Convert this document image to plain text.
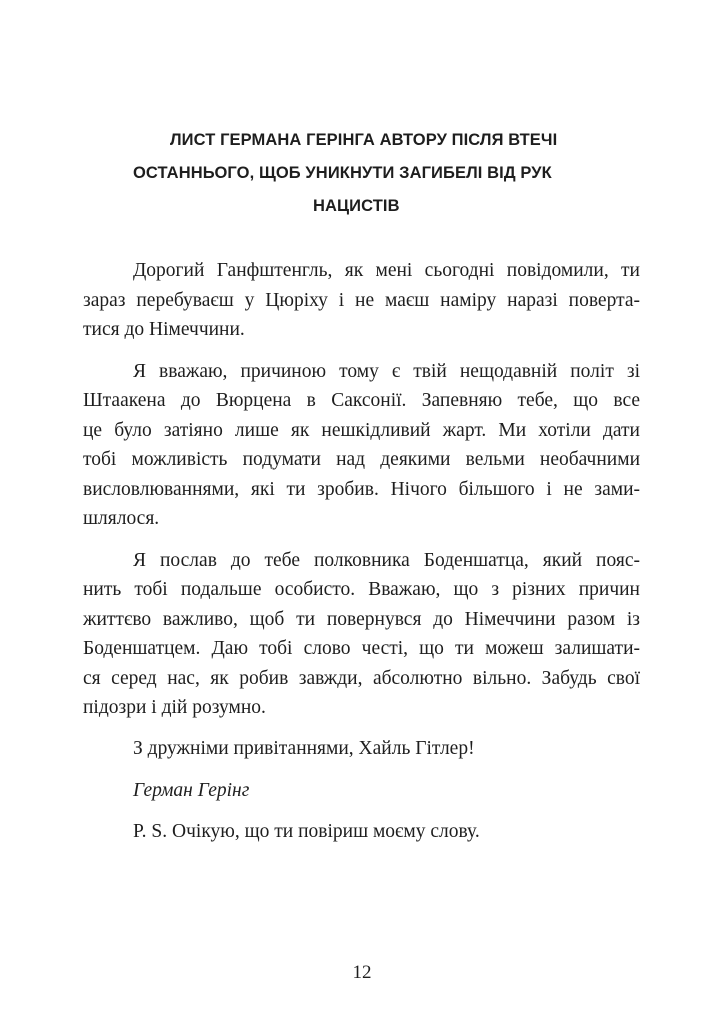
ЛИСТ ГЕРМАНА ГЕРІНГА АВТОРУ ПІСЛЯ ВТЕЧІ
ОСТАННЬОГО, ЩОБ УНИКНУТИ ЗАГИБЕЛІ ВІД РУК
НАЦИСТІВ

Дорогий Ганфштенгль, як мені сьогодні повідомили, ти
зараз перебуваєш у Цюріху і не маєш наміру наразі поверта-
тися до Німеччини.

Я вважаю, причиною тому є твій нещодавній політ зі
Штаакена до Вюрцена в Саксонії. Запевняю тебе, що все
це було затіяно лише як нешкідливий жарт. Ми хотіли дати
тобі можливість подумати над деякими вельми необачними
висловлюваннями, які ти зробив. Нічого більшого і не зами-
шлялося.

Я послав до тебе полковника Боденшатца, який пояс-
нить тобі подальше особисто. Вважаю, що з різних причин
життєво важливо, щоб ти повернувся до Німеччини разом із
Боденшатцем. Даю тобі слово честі, що ти можеш залишати-
ся серед нас, як робив завжди, абсолютно вільно. Забудь свої
підозри і дій розумно.

З дружніми привітаннями, Хайль Гітлер!
Герман Герінг
P. S. Очікую, що ти повіриш моєму слову.

12
